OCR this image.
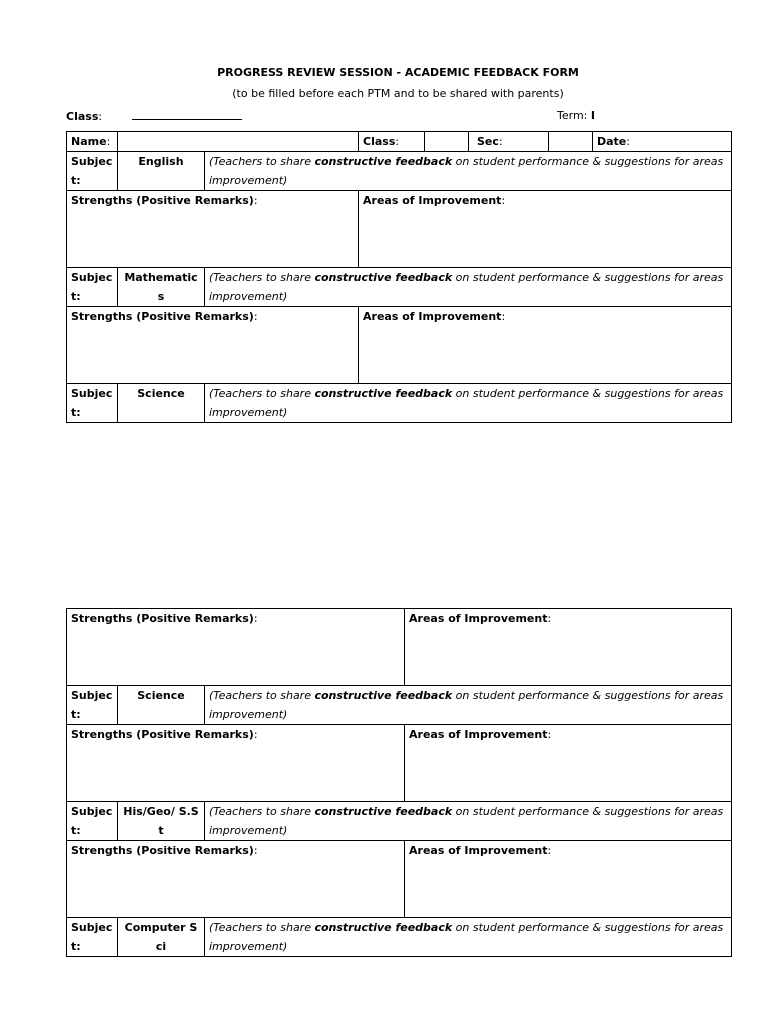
PROGRESS REVIEW SESSION - ACADEMIC FEEDBACK FORM
(to be filled before each PTM and to be shared with parents)
Class:	Term: I
Name:			Class:		Sec:		Date:
Subject:	English	(Teachers to share constructive feedback on student performance & suggestions for areas improvement)					
Strengths (Positive Remarks):			Areas of Improvement:				
Subject:	Mathematics	(Teachers to share constructive feedback on student performance & suggestions for areas improvement)					
Strengths (Positive Remarks):			Areas of Improvement:				
Subject:	Science	(Teachers to share constructive feedback on student performance & suggestions for areas improvement)					
Strengths (Positive Remarks):			Areas of Improvement:
Subject:	Science	(Teachers to share constructive feedback on student performance & suggestions for areas improvement)	
Strengths (Positive Remarks):			Areas of Improvement:
Subject:	His/Geo/ S.St	(Teachers to share constructive feedback on student performance & suggestions for areas improvement)	
Strengths (Positive Remarks):			Areas of Improvement:
Subject:	Computer Sci	(Teachers to share constructive feedback on student performance & suggestions for areas improvement)	
